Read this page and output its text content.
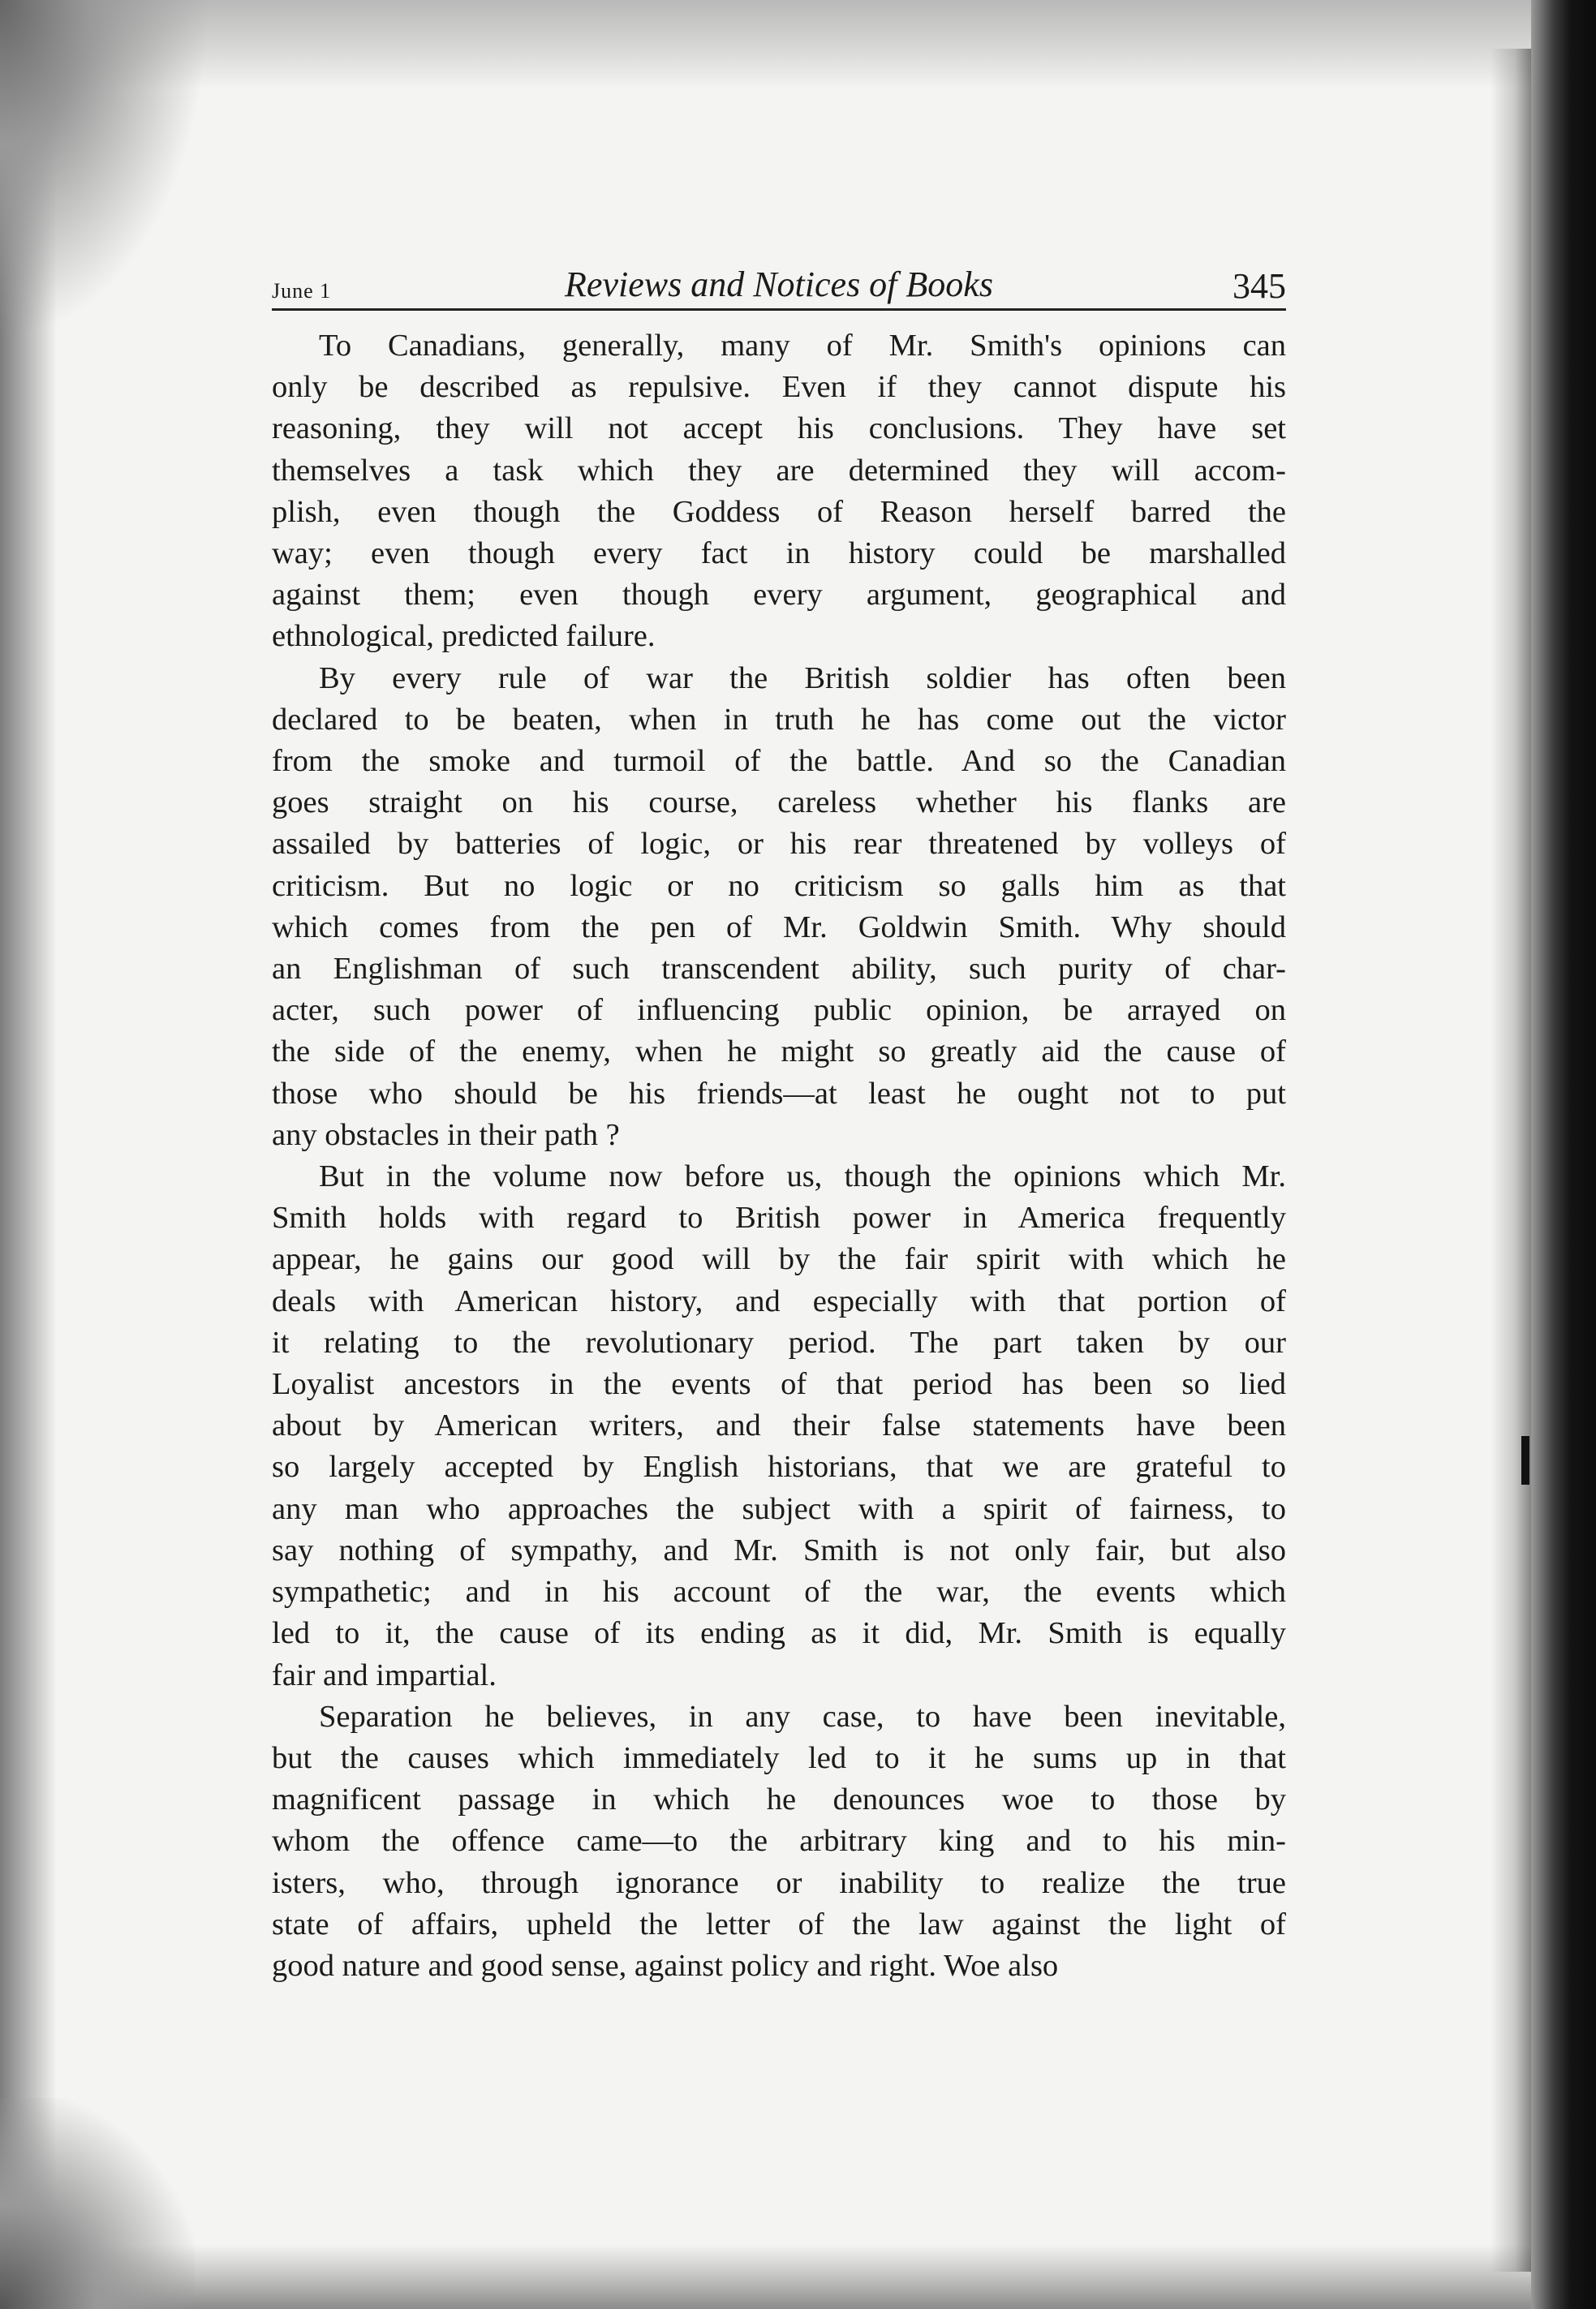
June 1	Reviews and Notices of Books	345
To Canadians, generally, many of Mr. Smith's opinions can
only be described as repulsive. Even if they cannot dispute his
reasoning, they will not accept his conclusions. They have set
themselves a task which they are determined they will accom-
plish, even though the Goddess of Reason herself barred the
way; even though every fact in history could be marshalled
against them; even though every argument, geographical and
ethnological, predicted failure.
By every rule of war the British soldier has often been
declared to be beaten, when in truth he has come out the victor
from the smoke and turmoil of the battle. And so the Canadian
goes straight on his course, careless whether his flanks are
assailed by batteries of logic, or his rear threatened by volleys of
criticism. But no logic or no criticism so galls him as that
which comes from the pen of Mr. Goldwin Smith. Why should
an Englishman of such transcendent ability, such purity of char-
acter, such power of influencing public opinion, be arrayed on
the side of the enemy, when he might so greatly aid the cause of
those who should be his friends—at least he ought not to put
any obstacles in their path ?
But in the volume now before us, though the opinions which Mr.
Smith holds with regard to British power in America frequently
appear, he gains our good will by the fair spirit with which he
deals with American history, and especially with that portion of
it relating to the revolutionary period. The part taken by our
Loyalist ancestors in the events of that period has been so lied
about by American writers, and their false statements have been
so largely accepted by English historians, that we are grateful to
any man who approaches the subject with a spirit of fairness, to
say nothing of sympathy, and Mr. Smith is not only fair, but also
sympathetic; and in his account of the war, the events which
led to it, the cause of its ending as it did, Mr. Smith is equally
fair and impartial.
Separation he believes, in any case, to have been inevitable,
but the causes which immediately led to it he sums up in that
magnificent passage in which he denounces woe to those by
whom the offence came—to the arbitrary king and to his min-
isters, who, through ignorance or inability to realize the true
state of affairs, upheld the letter of the law against the light of
good nature and good sense, against policy and right. Woe also
